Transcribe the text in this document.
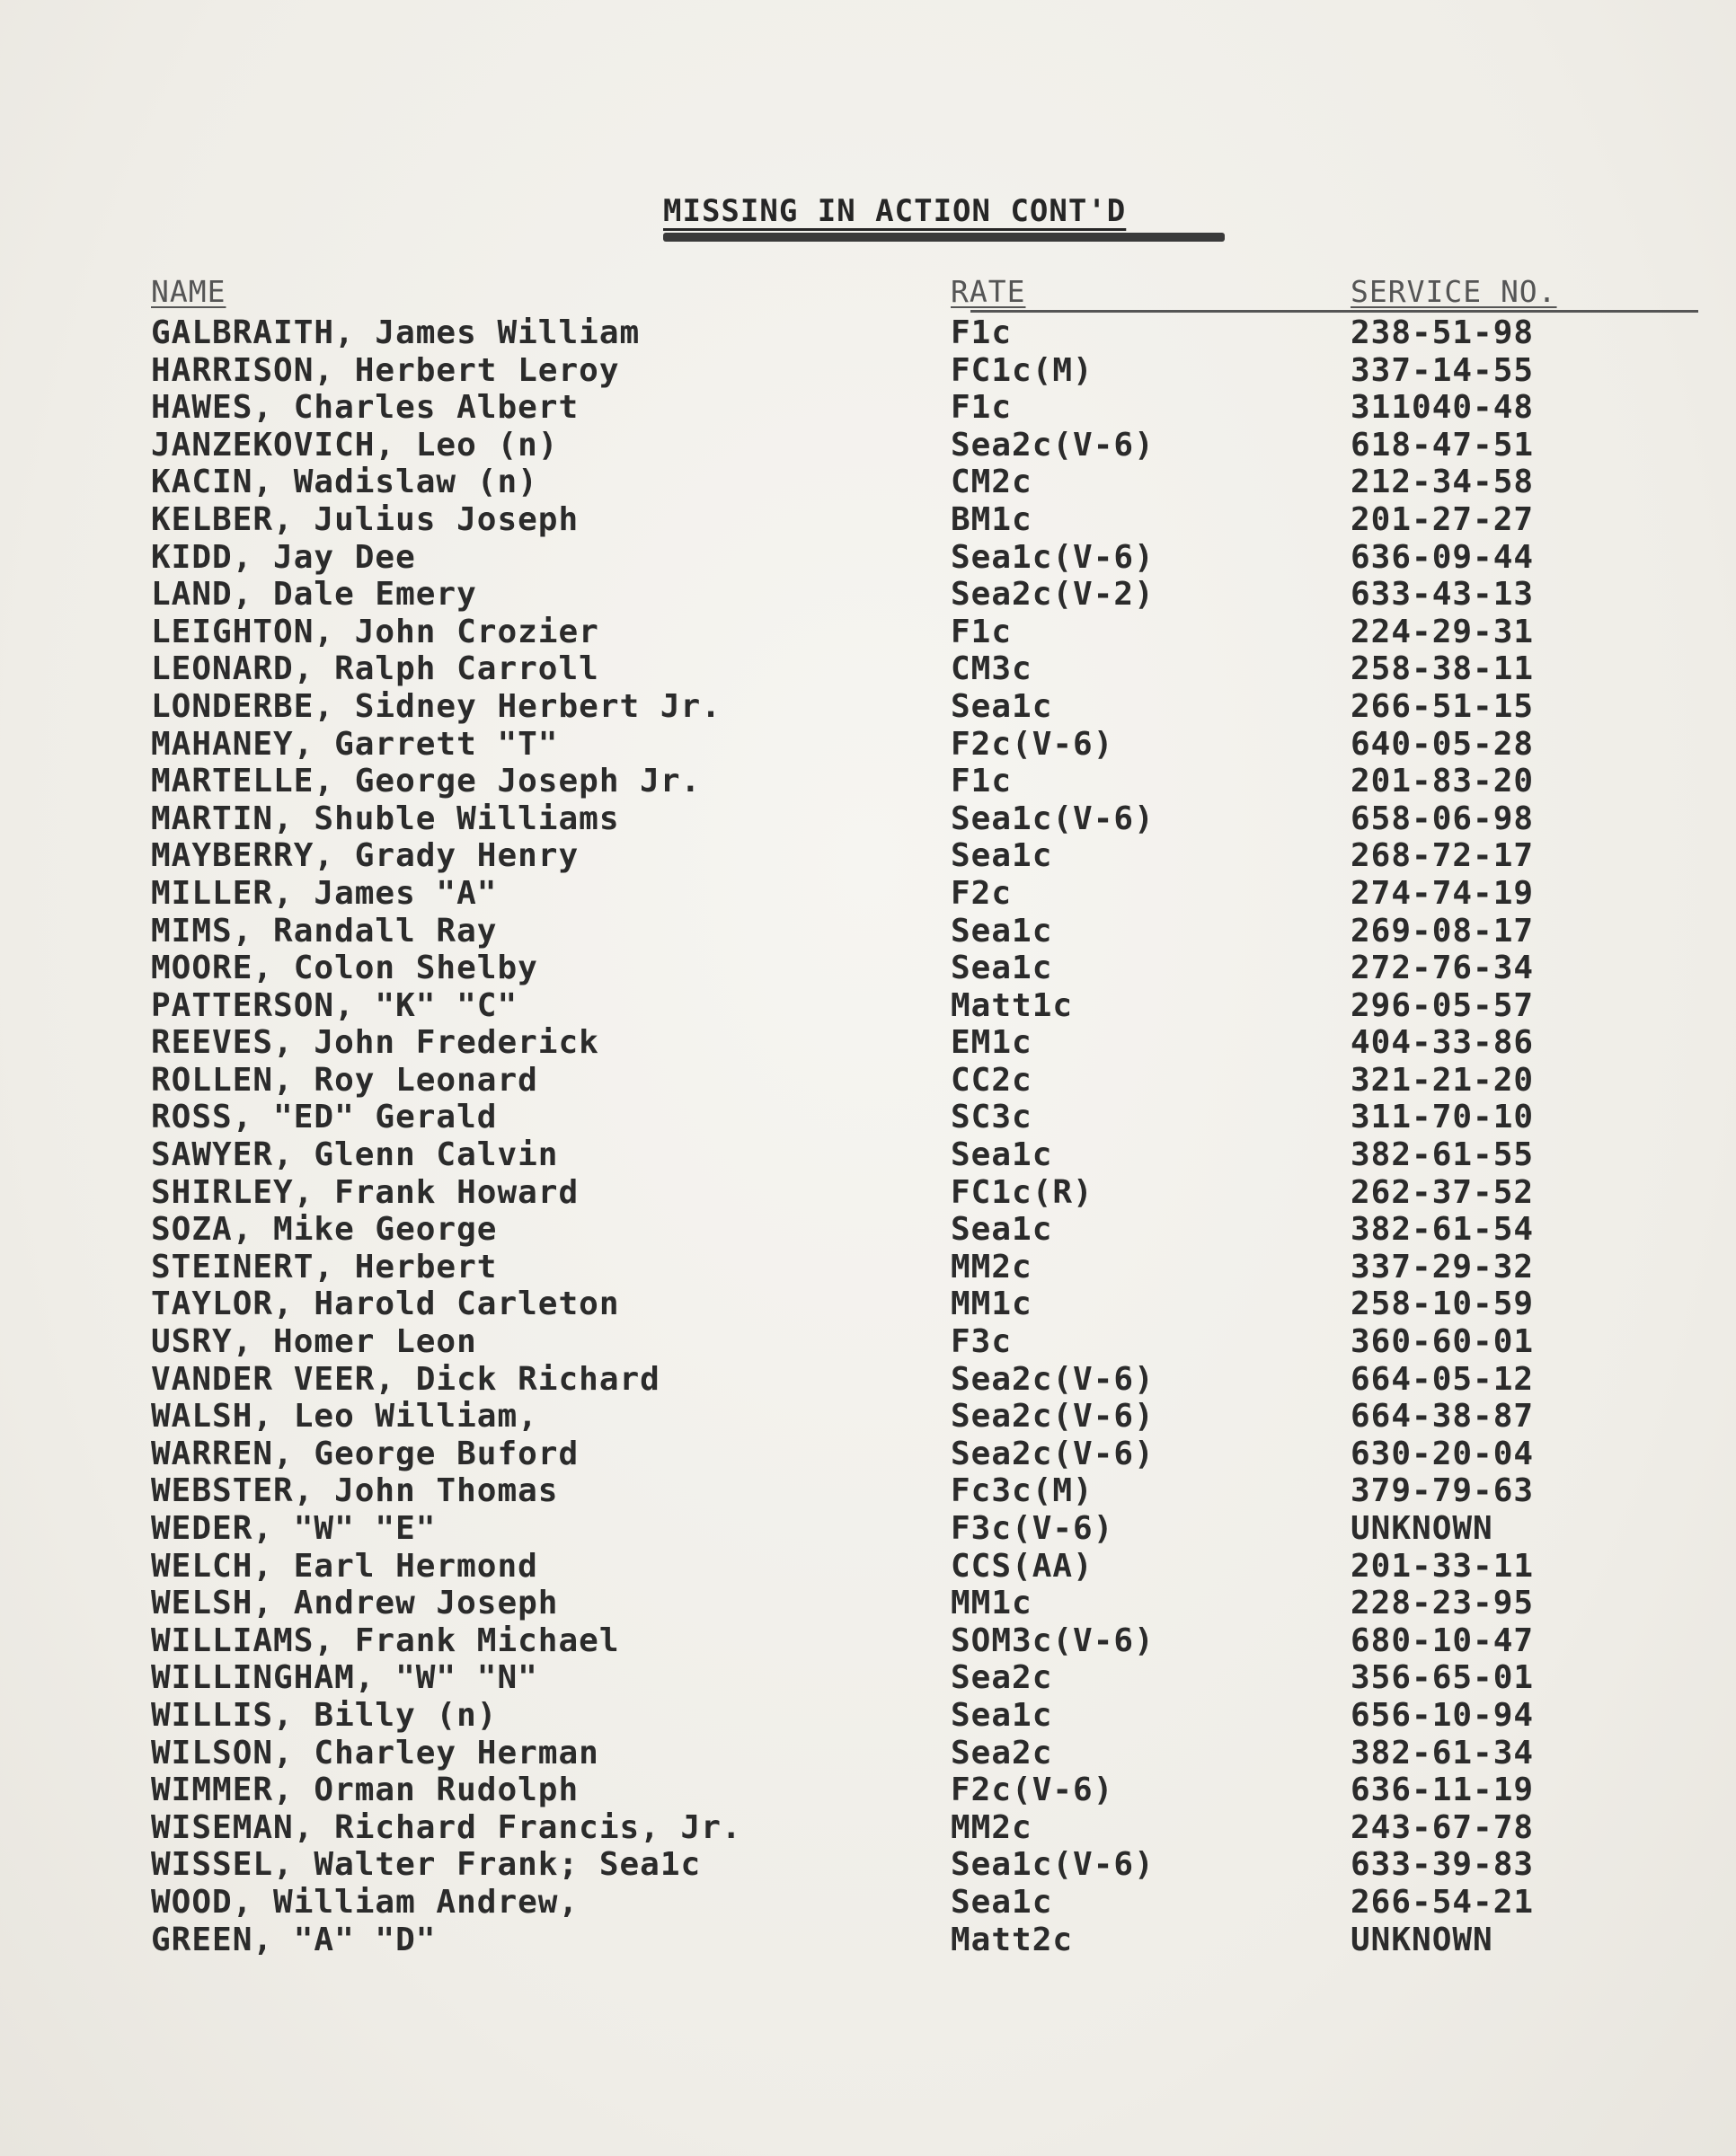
MISSING IN ACTION CONT'D
NAME	RATE	SERVICE NO.
GALBRAITH, James William	F1c	238-51-98
HARRISON, Herbert Leroy	FC1c(M)	337-14-55
HAWES, Charles Albert	F1c	311040-48
JANZEKOVICH, Leo (n)	Sea2c(V-6)	618-47-51
KACIN, Wadislaw (n)	CM2c	212-34-58
KELBER, Julius Joseph	BM1c	201-27-27
KIDD, Jay Dee	Sea1c(V-6)	636-09-44
LAND, Dale Emery	Sea2c(V-2)	633-43-13
LEIGHTON, John Crozier	F1c	224-29-31
LEONARD, Ralph Carroll	CM3c	258-38-11
LONDERBE, Sidney Herbert Jr.	Sea1c	266-51-15
MAHANEY, Garrett "T"	F2c(V-6)	640-05-28
MARTELLE, George Joseph Jr.	F1c	201-83-20
MARTIN, Shuble Williams	Sea1c(V-6)	658-06-98
MAYBERRY, Grady Henry	Sea1c	268-72-17
MILLER, James "A"	F2c	274-74-19
MIMS, Randall Ray	Sea1c	269-08-17
MOORE, Colon Shelby	Sea1c	272-76-34
PATTERSON, "K" "C"	Matt1c	296-05-57
REEVES, John Frederick	EM1c	404-33-86
ROLLEN, Roy Leonard	CC2c	321-21-20
ROSS, "ED" Gerald	SC3c	311-70-10
SAWYER, Glenn Calvin	Sea1c	382-61-55
SHIRLEY, Frank Howard	FC1c(R)	262-37-52
SOZA, Mike George	Sea1c	382-61-54
STEINERT, Herbert	MM2c	337-29-32
TAYLOR, Harold Carleton	MM1c	258-10-59
USRY, Homer Leon	F3c	360-60-01
VANDER VEER, Dick Richard	Sea2c(V-6)	664-05-12
WALSH, Leo William,	Sea2c(V-6)	664-38-87
WARREN, George Buford	Sea2c(V-6)	630-20-04
WEBSTER, John Thomas	Fc3c(M)	379-79-63
WEDER, "W" "E"	F3c(V-6)	UNKNOWN
WELCH, Earl Hermond	CCS(AA)	201-33-11
WELSH, Andrew Joseph	MM1c	228-23-95
WILLIAMS, Frank Michael	SOM3c(V-6)	680-10-47
WILLINGHAM, "W" "N"	Sea2c	356-65-01
WILLIS, Billy (n)	Sea1c	656-10-94
WILSON, Charley Herman	Sea2c	382-61-34
WIMMER, Orman Rudolph	F2c(V-6)	636-11-19
WISEMAN, Richard Francis, Jr.	MM2c	243-67-78
WISSEL, Walter Frank; Sea1c	Sea1c(V-6)	633-39-83
WOOD, William Andrew,	Sea1c	266-54-21
GREEN, "A" "D"	Matt2c	UNKNOWN
